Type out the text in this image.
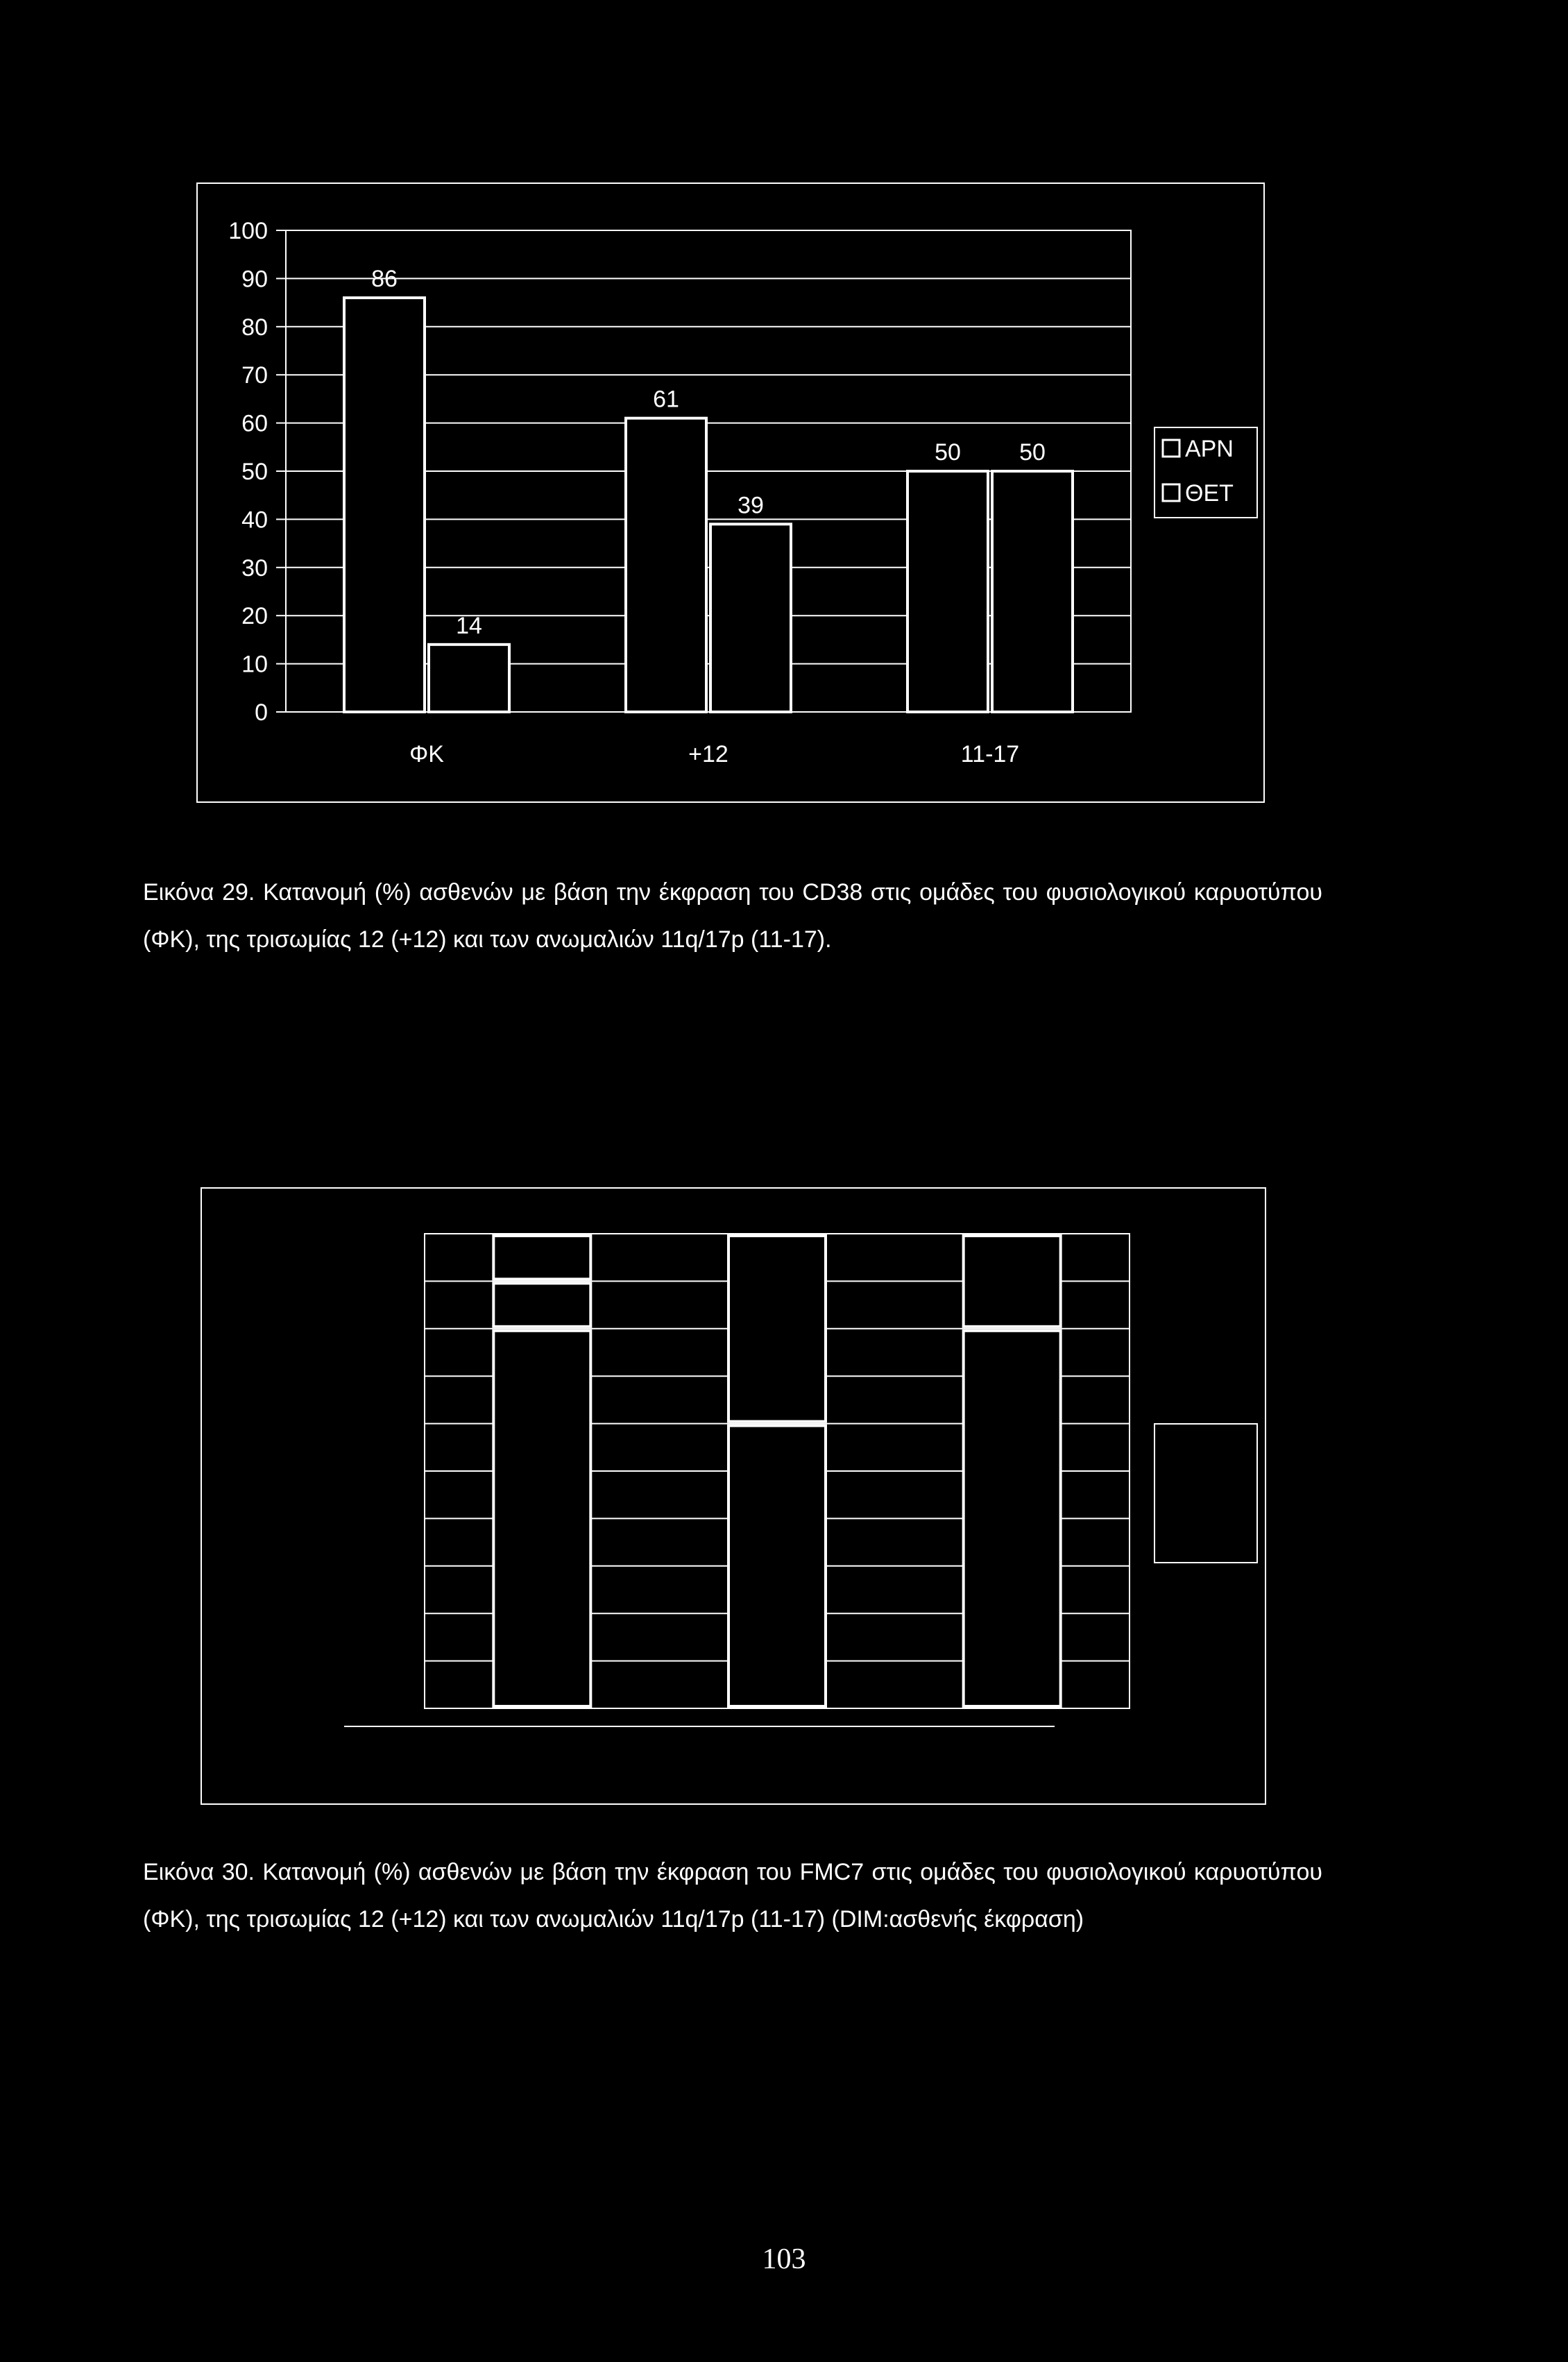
0
10
20
30
40
50
60
70
80
90
100
86
14
ΦΚ
61
39
+12
50 50
11-17
ΑΡΝ
ΘΕΤ
Εικόνα 29. Κατανομή (%) ασθενών με βάση την έκφραση του CD38 στις ομάδες του φυσιολογικού καρυοτύπου (ΦΚ), της τρισωμίας 12 (+12) και των ανωμαλιών 11q/17p (11-17).
Εικόνα 30. Κατανομή (%) ασθενών με βάση την έκφραση του FMC7 στις ομάδες του φυσιολογικού καρυοτύπου (ΦΚ), της τρισωμίας 12 (+12) και των ανωμαλιών 11q/17p (11-17) (DIM:ασθενής έκφραση)
103
